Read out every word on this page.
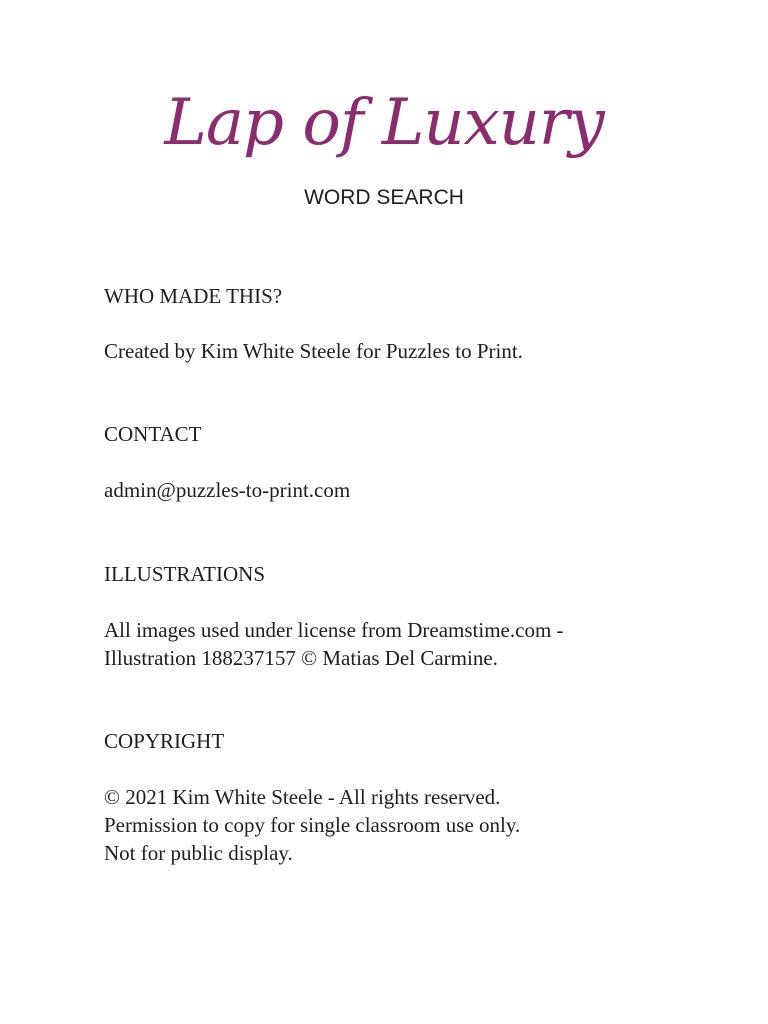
Lap of Luxury
WORD SEARCH
WHO MADE THIS?
Created by Kim White Steele for Puzzles to Print.
CONTACT
admin@puzzles-to-print.com
ILLUSTRATIONS
All images used under license from Dreamstime.com -
Illustration 188237157 © Matias Del Carmine.
COPYRIGHT
© 2021 Kim White Steele - All rights reserved.
Permission to copy for single classroom use only.
Not for public display.
